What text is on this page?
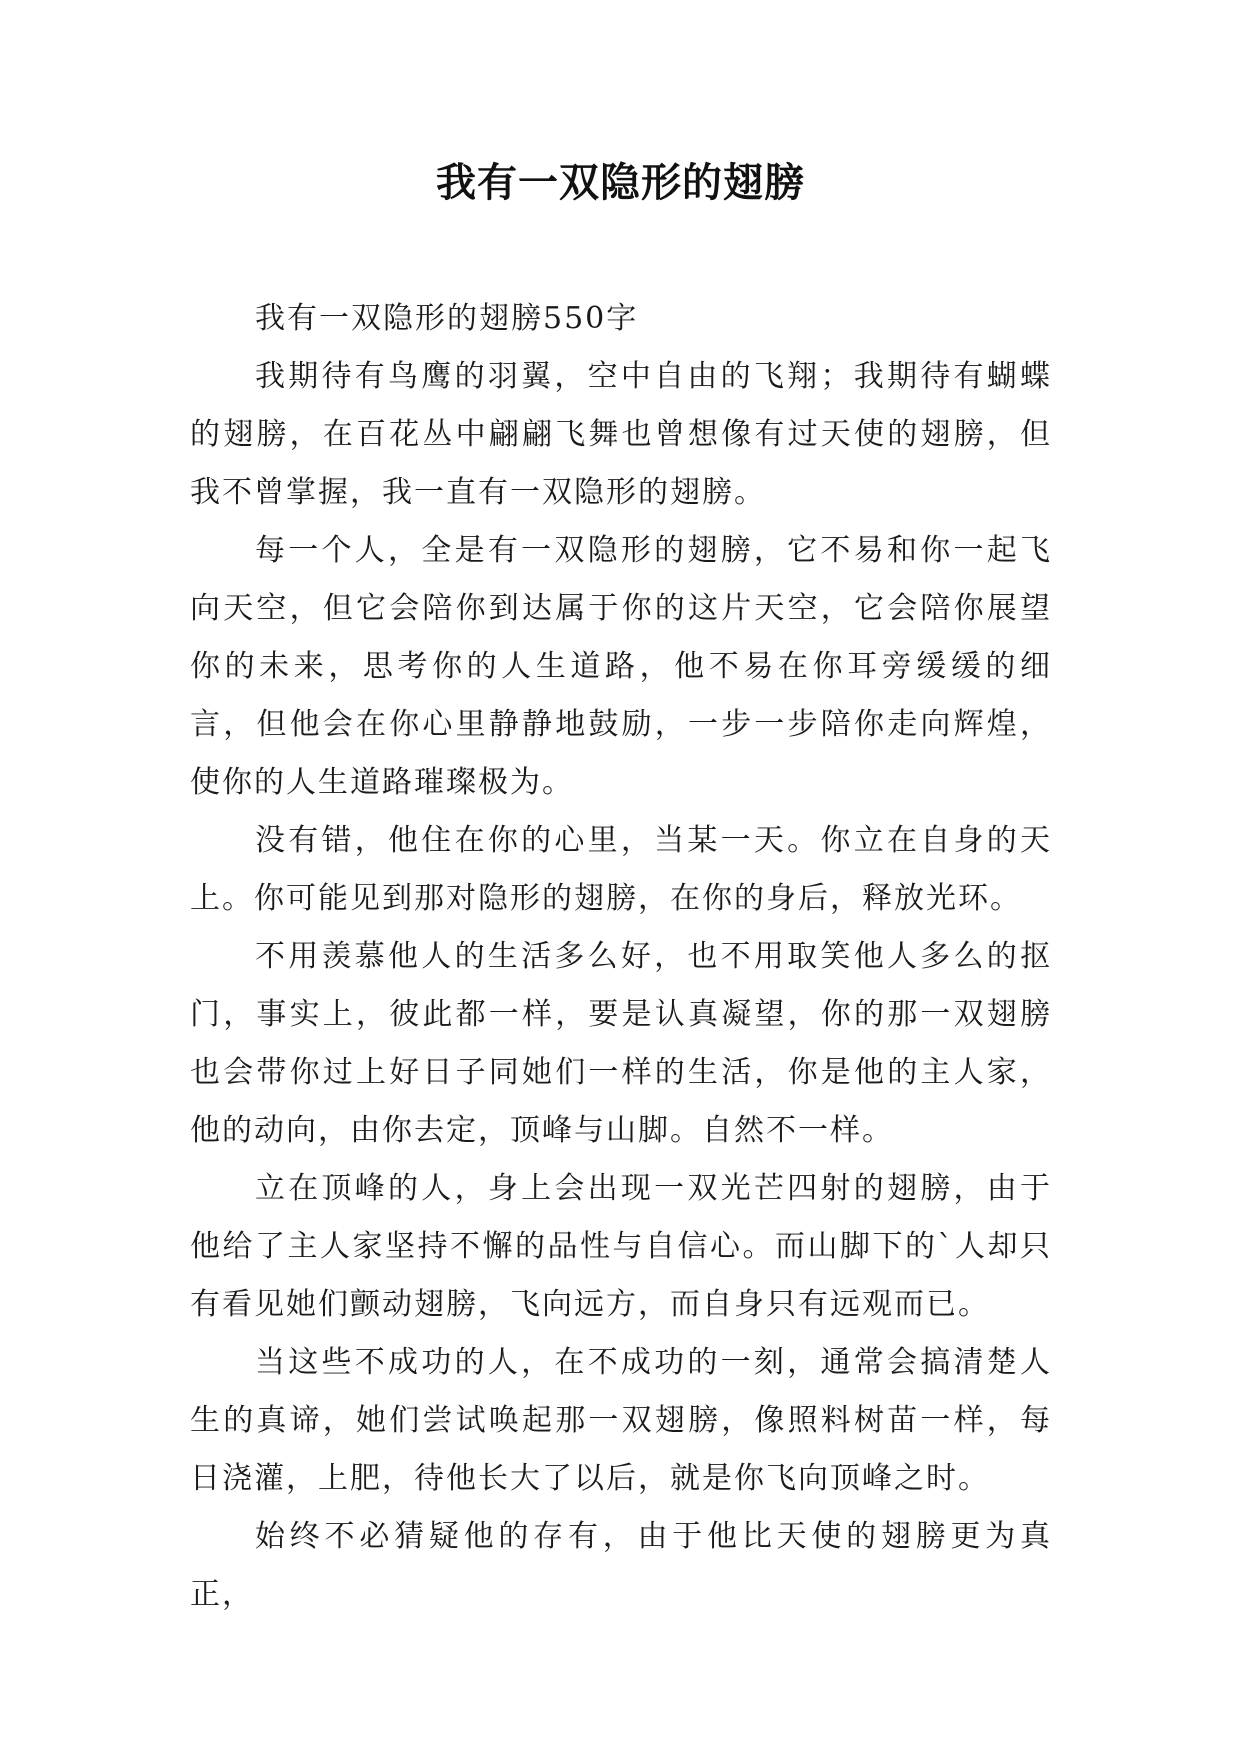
我有一双隐形的翅膀

我有一双隐形的翅膀550字

我期待有鸟鹰的羽翼，空中自由的飞翔；我期待有蝴蝶的翅膀，在百花丛中翩翩飞舞也曾想像有过天使的翅膀，但我不曾掌握，我一直有一双隐形的翅膀。

每一个人，全是有一双隐形的翅膀，它不易和你一起飞向天空，但它会陪你到达属于你的这片天空，它会陪你展望你的未来，思考你的人生道路，他不易在你耳旁缓缓的细言，但他会在你心里静静地鼓励，一步一步陪你走向辉煌，使你的人生道路璀璨极为。

没有错，他住在你的心里，当某一天。你立在自身的天上。你可能见到那对隐形的翅膀，在你的身后，释放光环。

不用羡慕他人的生活多么好，也不用取笑他人多么的抠门，事实上，彼此都一样，要是认真凝望，你的那一双翅膀也会带你过上好日子同她们一样的生活，你是他的主人家，他的动向，由你去定，顶峰与山脚。自然不一样。

立在顶峰的人，身上会出现一双光芒四射的翅膀，由于他给了主人家坚持不懈的品性与自信心。而山脚下的`人却只有看见她们颤动翅膀，飞向远方，而自身只有远观而已。

当这些不成功的人，在不成功的一刻，通常会搞清楚人生的真谛，她们尝试唤起那一双翅膀，像照料树苗一样，每日浇灌，上肥，待他长大了以后，就是你飞向顶峰之时。

始终不必猜疑他的存有，由于他比天使的翅膀更为真正，
